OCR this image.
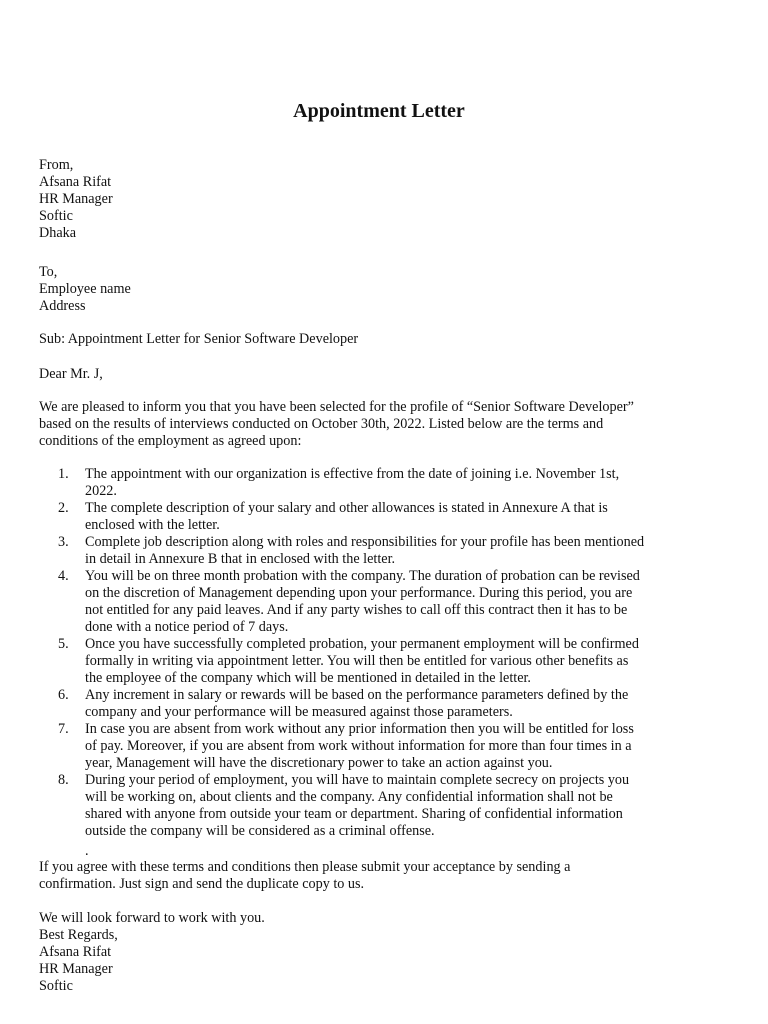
Appointment Letter
From,
Afsana Rifat
HR Manager
Softic
Dhaka
To,
Employee name
Address
Sub: Appointment Letter for Senior Software Developer
Dear Mr. J,
We are pleased to inform you that you have been selected for the profile of “Senior Software Developer”
based on the results of interviews conducted on October 30th, 2022. Listed below are the terms and
conditions of the employment as agreed upon:
1.	The appointment with our organization is effective from the date of joining i.e. November 1st,
2022.
2.	The complete description of your salary and other allowances is stated in Annexure A that is
enclosed with the letter.
3.	Complete job description along with roles and responsibilities for your profile has been mentioned
in detail in Annexure B that in enclosed with the letter.
4.	You will be on three month probation with the company. The duration of probation can be revised
on the discretion of Management depending upon your performance. During this period, you are
not entitled for any paid leaves. And if any party wishes to call off this contract then it has to be
done with a notice period of 7 days.
5.	Once you have successfully completed probation, your permanent employment will be confirmed
formally in writing via appointment letter. You will then be entitled for various other benefits as
the employee of the company which will be mentioned in detailed in the letter.
6.	Any increment in salary or rewards will be based on the performance parameters defined by the
company and your performance will be measured against those parameters.
7.	In case you are absent from work without any prior information then you will be entitled for loss
of pay. Moreover, if you are absent from work without information for more than four times in a
year, Management will have the discretionary power to take an action against you.
8.	During your period of employment, you will have to maintain complete secrecy on projects you
will be working on, about clients and the company. Any confidential information shall not be
shared with anyone from outside your team or department. Sharing of confidential information
outside the company will be considered as a criminal offense.
.
If you agree with these terms and conditions then please submit your acceptance by sending a
confirmation. Just sign and send the duplicate copy to us.
We will look forward to work with you.
Best Regards,
Afsana Rifat
HR Manager
Softic
